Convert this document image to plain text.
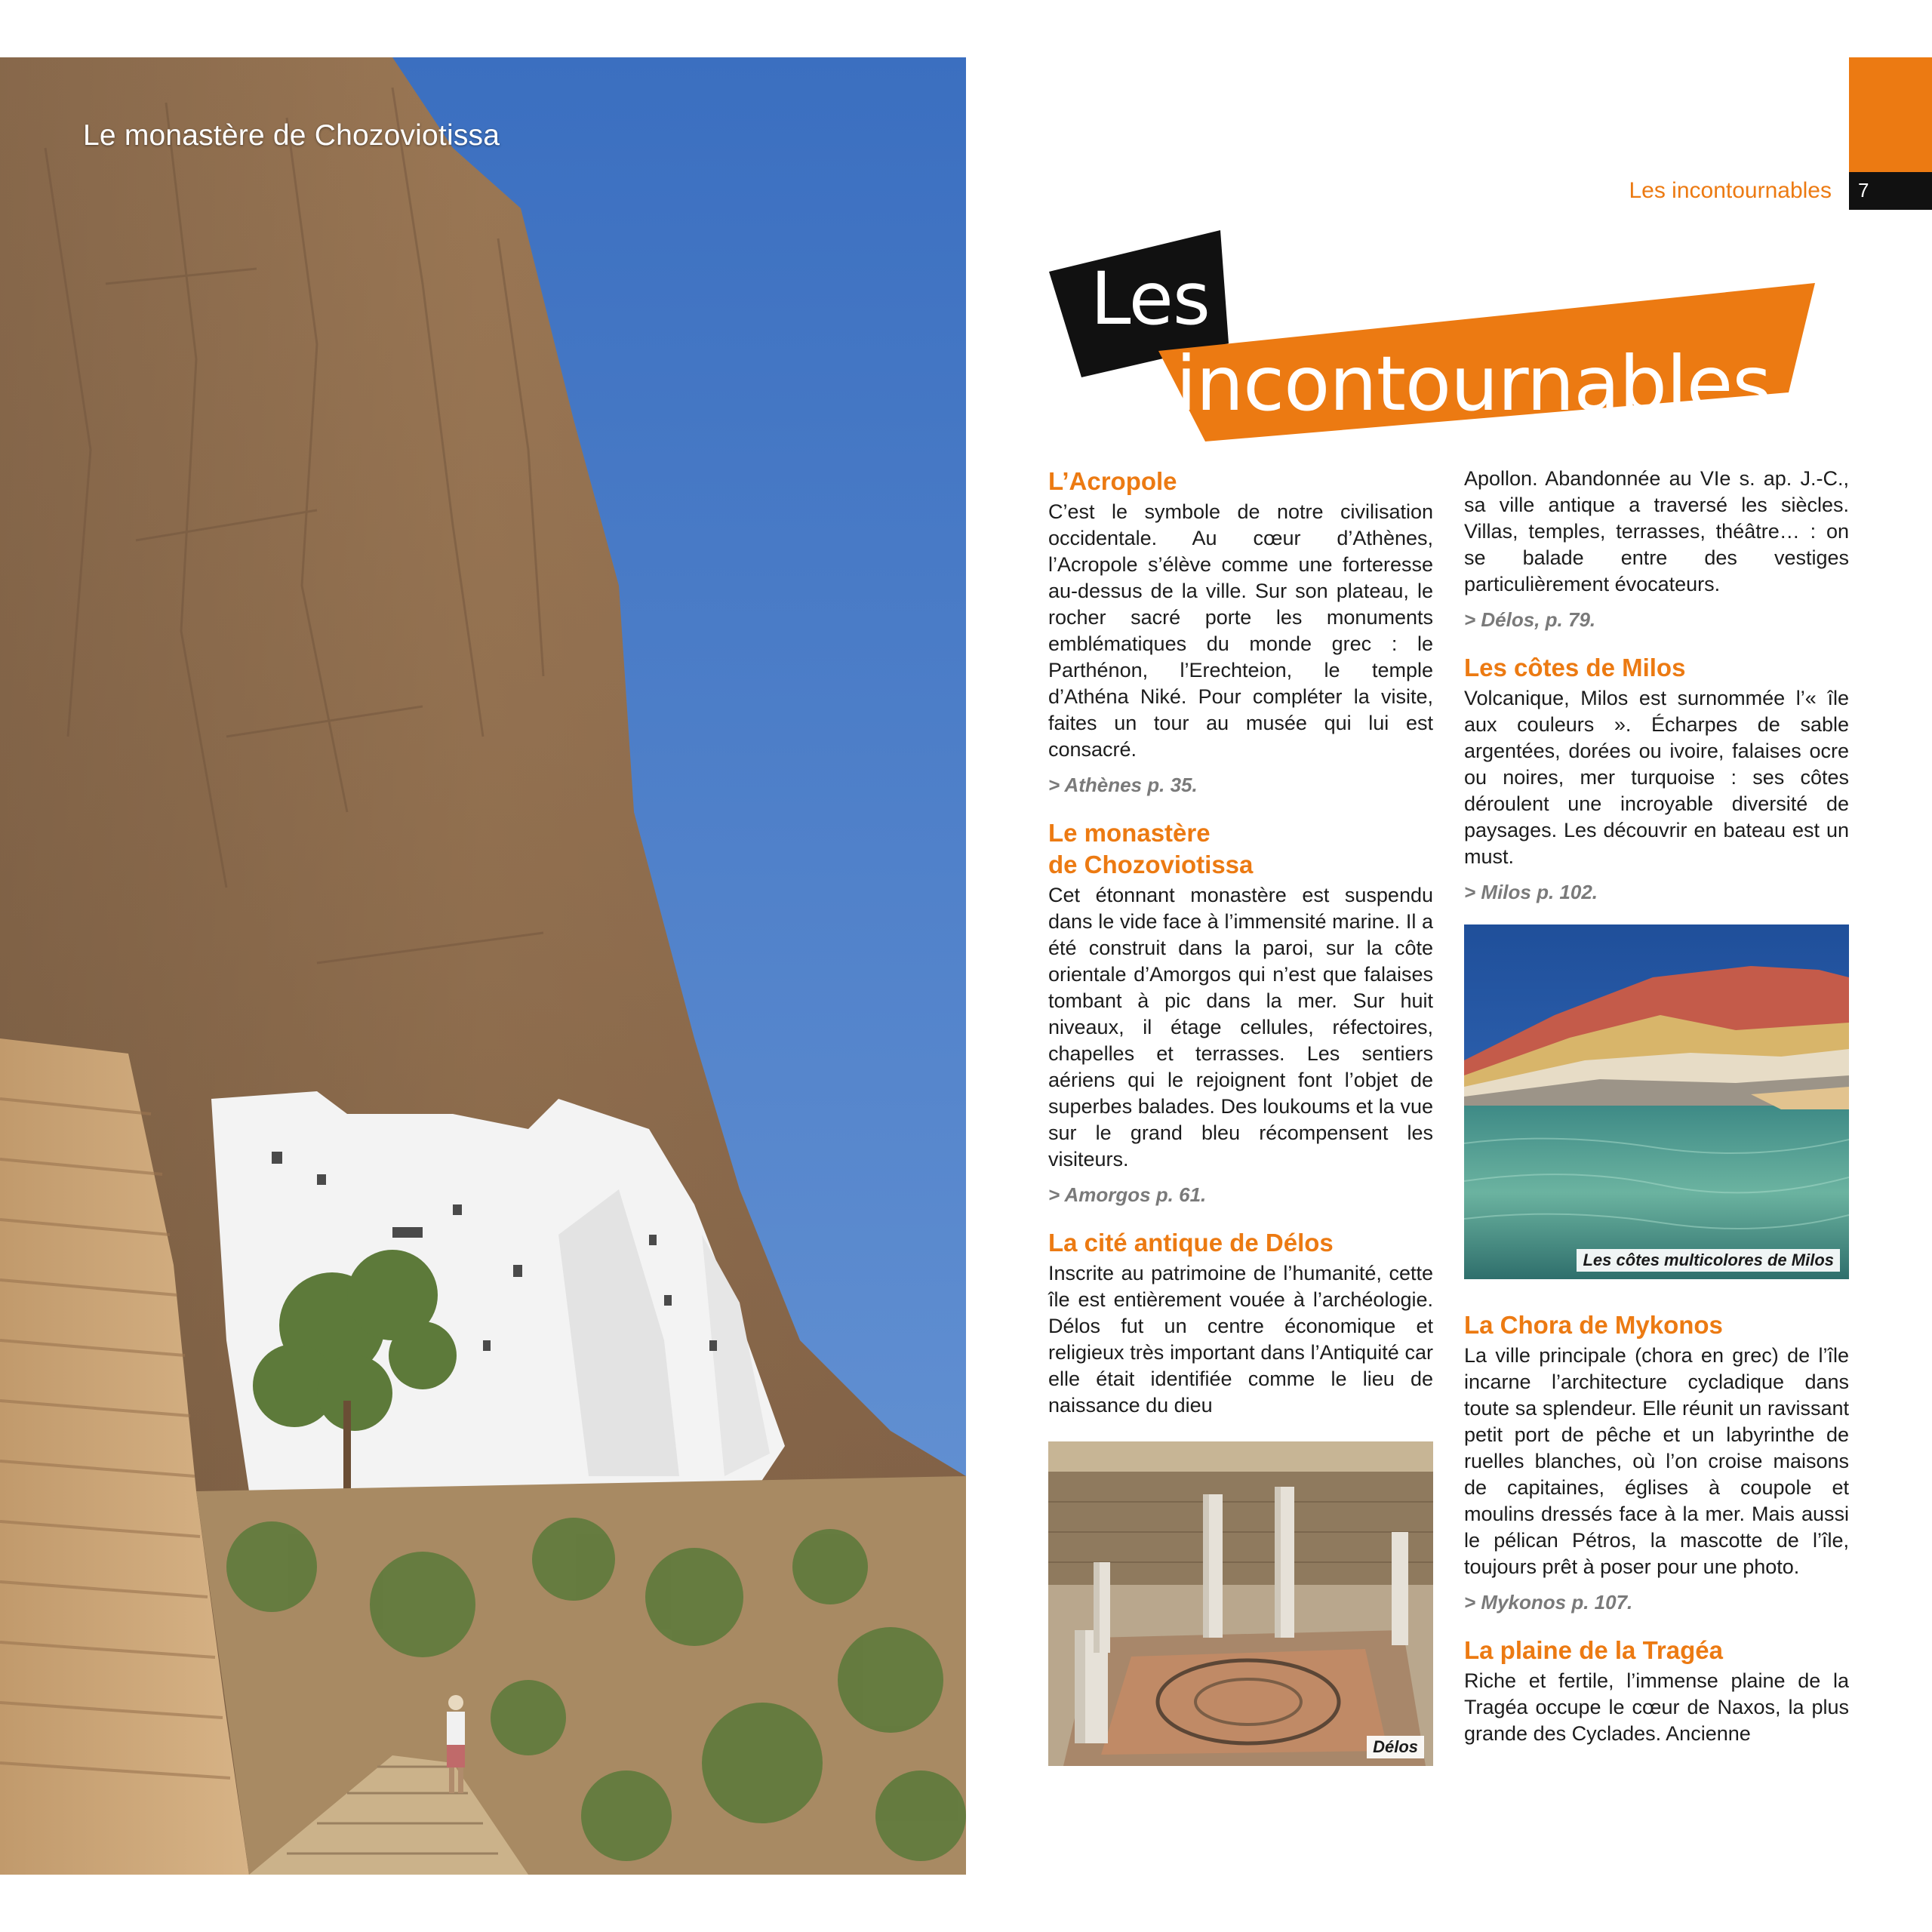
Le monastère de Chozoviotissa
Les incontournables 7
Les
incontournables
L’Acropole

C’est le symbole de notre civilisation occidentale. Au cœur d’Athènes, l’Acropole s’élève comme une forteresse au-dessus de la ville. Sur son plateau, le rocher sacré porte les monuments emblématiques du monde grec : le Parthénon, l’Erechteion, le temple d’Athéna Niké. Pour compléter la visite, faites un tour au musée qui lui est consacré.

> Athènes p. 35.
Le monastère
de Chozoviotissa

Cet étonnant monastère est suspendu dans le vide face à l’immensité marine. Il a été construit dans la paroi, sur la côte orientale d’Amorgos qui n’est que falaises tombant à pic dans la mer. Sur huit niveaux, il étage cellules, réfectoires, chapelles et terrasses. Les sentiers aériens qui le rejoignent font l’objet de superbes balades. Des loukoums et la vue sur le grand bleu récompensent les visiteurs.

> Amorgos p. 61.
La cité antique de Délos

Inscrite au patrimoine de l’humanité, cette île est entièrement vouée à l’archéologie. Délos fut un centre économique et religieux très important dans l’Antiquité car elle était identifiée comme le lieu de naissance du dieu

Délos

Apollon. Abandonnée au VIe s. ap. J.-C., sa ville antique a traversé les siècles. Villas, temples, terrasses, théâtre… : on se balade entre des vestiges particulièrement évocateurs.

> Délos, p. 79.
Les côtes de Milos

Volcanique, Milos est surnommée l’« île aux couleurs ». Écharpes de sable argentées, dorées ou ivoire, falaises ocre ou noires, mer turquoise : ses côtes déroulent une incroyable diversité de paysages. Les découvrir en bateau est un must.

> Milos p. 102.
Les côtes multicolores de Milos
La Chora de Mykonos

La ville principale (chora en grec) de l’île incarne l’architecture cycladique dans toute sa splendeur. Elle réunit un ravissant petit port de pêche et un labyrinthe de ruelles blanches, où l’on croise maisons de capitaines, églises à coupole et moulins dressés face à la mer. Mais aussi le pélican Pétros, la mascotte de l’île, toujours prêt à poser pour une photo.

> Mykonos p. 107.
La plaine de la Tragéa

Riche et fertile, l’immense plaine de la Tragéa occupe le cœur de Naxos, la plus grande des Cyclades. Ancienne
